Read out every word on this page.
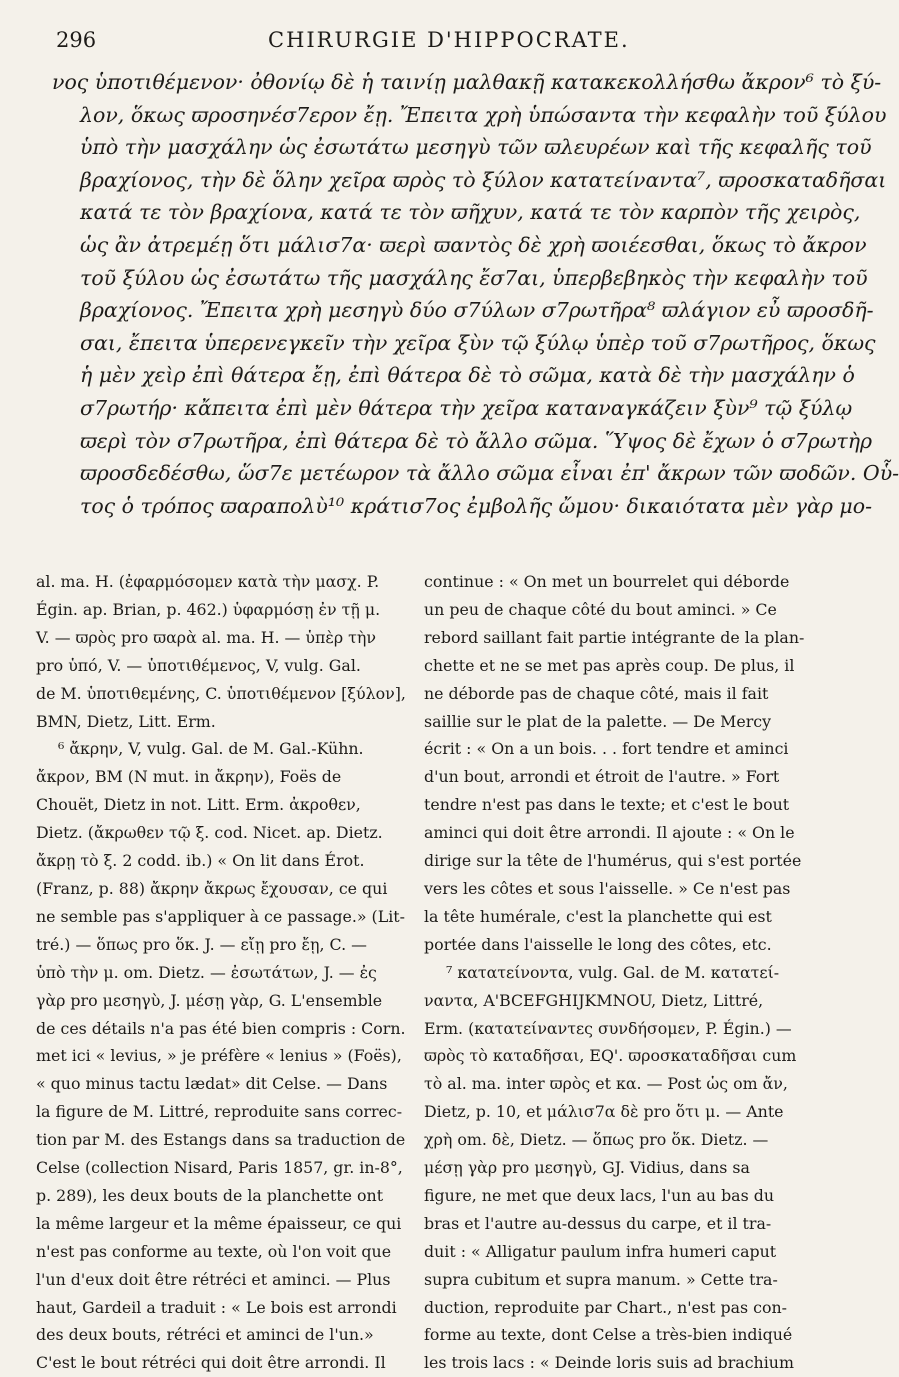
296	CHIRURGIE D'HIPPOCRATE.
νος ὑποτιθέμενον· ὀθονίῳ δὲ ἡ ταινίῃ μαλθακῇ κατακεκολλήσθω ἄκρον⁶ τὸ ξύ-
λον, ὅκως ϖροσηνέσ7ερον ἔῃ. Ἔπειτα χρὴ ὑπώσαντα τὴν κεφαλὴν τοῦ ξύλου
ὑπὸ τὴν μασχάλην ὡς ἐσωτάτω μεσηγὺ τῶν ϖλευρέων καὶ τῆς κεφαλῆς τοῦ
βραχίονος, τὴν δὲ ὅλην χεῖρα ϖρὸς τὸ ξύλον κατατείναντα⁷, ϖροσκαταδῆσαι
κατά τε τὸν βραχίονα, κατά τε τὸν ϖῆχυν, κατά τε τὸν καρπὸν τῆς χειρὸς,
ὡς ἂν ἀτρεμέῃ ὅτι μάλισ7α· ϖερὶ ϖαντὸς δὲ χρὴ ϖοιέεσθαι, ὅκως τὸ ἄκρον
τοῦ ξύλου ὡς ἐσωτάτω τῆς μασχάλης ἔσ7αι, ὑπερβεβηκὸς τὴν κεφαλὴν τοῦ
βραχίονος. Ἔπειτα χρὴ μεσηγὺ δύο σ7ύλων σ7ρωτῆρα⁸ ϖλάγιον εὖ ϖροσδῆ-
σαι, ἔπειτα ὑπερενεγκεῖν τὴν χεῖρα ξὺν τῷ ξύλῳ ὑπὲρ τοῦ σ7ρωτῆρος, ὅκως
ἡ μὲν χεὶρ ἐπὶ θάτερα ἔῃ, ἐπὶ θάτερα δὲ τὸ σῶμα, κατὰ δὲ τὴν μασχάλην ὁ
σ7ρωτήρ· κἄπειτα ἐπὶ μὲν θάτερα τὴν χεῖρα καταναγκάζειν ξὺν⁹ τῷ ξύλῳ
ϖερὶ τὸν σ7ρωτῆρα, ἐπὶ θάτερα δὲ τὸ ἄλλο σῶμα. Ὕψος δὲ ἔχων ὁ σ7ρωτὴρ
ϖροσδεδέσθω, ὥσ7ε μετέωρον τὰ ἄλλο σῶμα εἶναι ἐπ' ἄκρων τῶν ϖοδῶν. Οὗ-
τος ὁ τρόπος ϖαραπολὺ¹⁰ κράτισ7ος ἐμβολῆς ὤμου· δικαιότατα μὲν γὰρ μο-
al. ma. H. (ἐφαρμόσομεν κατὰ τὴν μασχ. P.
Égin. ap. Brian, p. 462.) ὑφαρμόσῃ ἐν τῇ μ.
V. — ϖρὸς pro ϖαρὰ al. ma. H. — ὑπὲρ τὴν
pro ὑπό, V. — ὑποτιθέμενος, V, vulg. Gal.
de M. ὑποτιθεμένης, C. ὑποτιθέμενον [ξύλον],
BMN, Dietz, Litt. Erm.
⁶ ἄκρην, V, vulg. Gal. de M. Gal.-Kühn.
ἄκρον, BM (N mut. in ἄκρην), Foës de
Chouët, Dietz in not. Litt. Erm. ἀκροθεν,
Dietz. (ἄκρωθεν τῷ ξ. cod. Nicet. ap. Dietz.
ἄκρῃ τὸ ξ. 2 codd. ib.) « On lit dans Érot.
(Franz, p. 88) ἄκρην ἄκρως ἔχουσαν, ce qui
ne semble pas s'appliquer à ce passage.» (Lit-
tré.) — ὅπως pro ὅκ. J. — εἴῃ pro ἔῃ, C. —
ὑπὸ τὴν μ. om. Dietz. — ἐσωτάτων, J. — ἐς
γὰρ pro μεσηγὺ, J. μέσῃ γὰρ, G. L'ensemble
de ces détails n'a pas été bien compris : Corn.
met ici « levius, » je préfère « lenius » (Foës),
« quo minus tactu lædat» dit Celse. — Dans
la figure de M. Littré, reproduite sans correc-
tion par M. des Estangs dans sa traduction de
Celse (collection Nisard, Paris 1857, gr. in-8°,
p. 289), les deux bouts de la planchette ont
la même largeur et la même épaisseur, ce qui
n'est pas conforme au texte, où l'on voit que
l'un d'eux doit être rétréci et aminci. — Plus
haut, Gardeil a traduit : « Le bois est arrondi
des deux bouts, rétréci et aminci de l'un.»
C'est le bout rétréci qui doit être arrondi. Il
continue : « On met un bourrelet qui déborde
un peu de chaque côté du bout aminci. » Ce
rebord saillant fait partie intégrante de la plan-
chette et ne se met pas après coup. De plus, il
ne déborde pas de chaque côté, mais il fait
saillie sur le plat de la palette. — De Mercy
écrit : « On a un bois. . . fort tendre et aminci
d'un bout, arrondi et étroit de l'autre. » Fort
tendre n'est pas dans le texte; et c'est le bout
aminci qui doit être arrondi. Il ajoute : « On le
dirige sur la tête de l'humérus, qui s'est portée
vers les côtes et sous l'aisselle. » Ce n'est pas
la tête humérale, c'est la planchette qui est
portée dans l'aisselle le long des côtes, etc.
⁷ κατατείνοντα, vulg. Gal. de M. κατατεί-
ναντα, A'BCEFGHIJKMNOU, Dietz, Littré,
Erm. (κατατείναντες συνδήσομεν, P. Égin.) —
ϖρὸς τὸ καταδῆσαι, EQ'. ϖροσκαταδῆσαι cum
τὸ al. ma. inter ϖρὸς et κα. — Post ὡς om ἄν,
Dietz, p. 10, et μάλισ7α δὲ pro ὅτι μ. — Ante
χρὴ om. δὲ, Dietz. — ὅπως pro ὅκ. Dietz. —
μέσῃ γὰρ pro μεσηγὺ, GJ. Vidius, dans sa
figure, ne met que deux lacs, l'un au bas du
bras et l'autre au-dessus du carpe, et il tra-
duit : « Alligatur paulum infra humeri caput
supra cubitum et supra manum. » Cette tra-
duction, reproduite par Chart., n'est pas con-
forme au texte, dont Celse a très-bien indiqué
les trois lacs : « Deinde loris suis ad brachium
